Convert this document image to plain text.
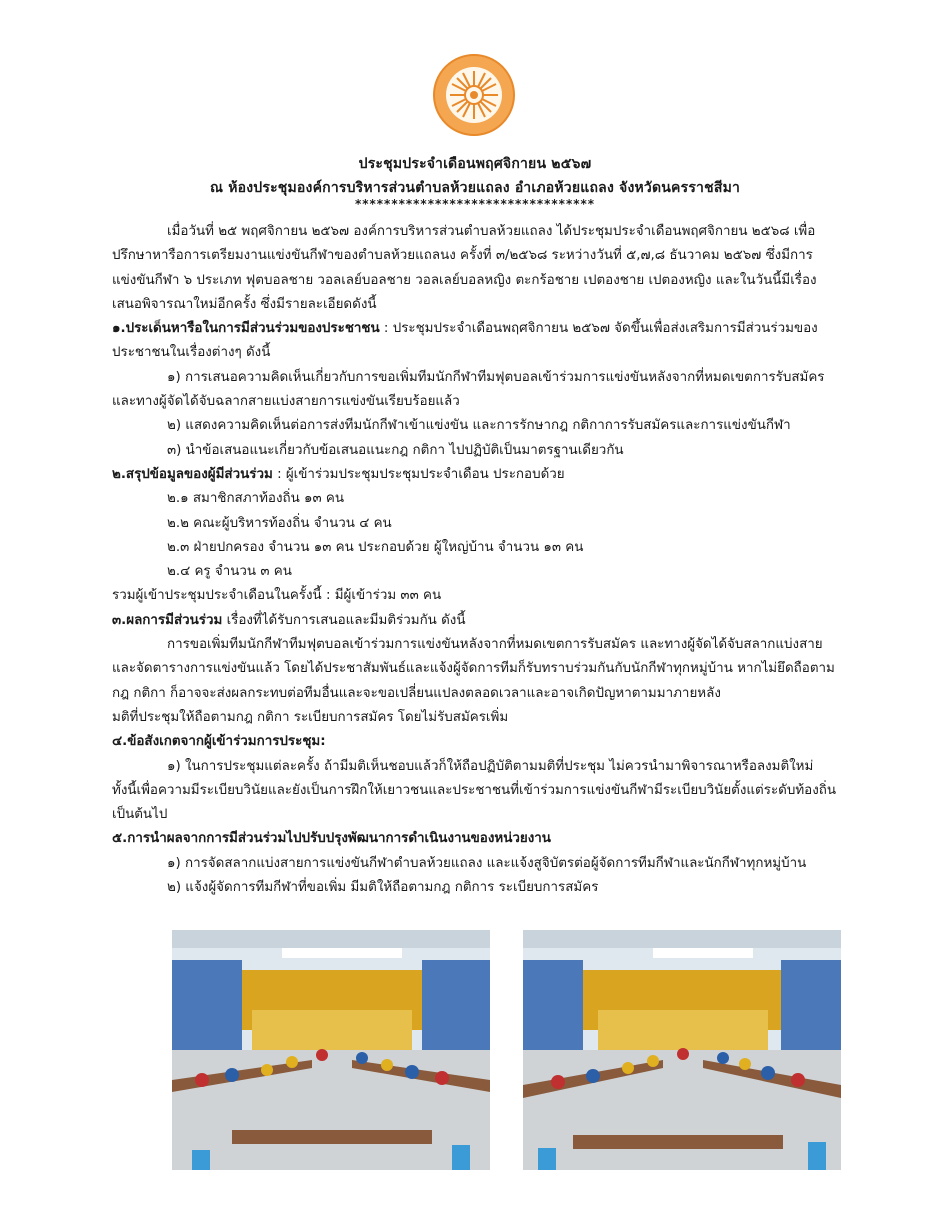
ประชุมประจำเดือนพฤศจิกายน ๒๕๖๗
ณ ห้องประชุมองค์การบริหารส่วนตำบลห้วยแถลง อำเภอห้วยแถลง จังหวัดนครราชสีมา
*********************************

เมื่อวันที่ ๒๕ พฤศจิกายน ๒๕๖๗ องค์การบริหารส่วนตำบลห้วยแถลง ได้ประชุมประจำเดือนพฤศจิกายน ๒๕๖๘ เพื่อปรึกษาหารือการเตรียมงานแข่งขันกีฬาของตำบลห้วยแถลนง ครั้งที่ ๓/๒๕๖๘ ระหว่างวันที่ ๕,๗,๘ ธันวาคม ๒๕๖๗ ซึ่งมีการแข่งขันกีฬา ๖ ประเภท ฟุตบอลชาย วอลเลย์บอลชาย วอลเลย์บอลหญิง ตะกร้อชาย เปตองชาย เปตองหญิง และในวันนี้มีเรื่องเสนอพิจารณาใหม่อีกครั้ง ซึ่งมีรายละเอียดดังนี้

๑.ประเด็นหารือในการมีส่วนร่วมของประชาชน : ประชุมประจำเดือนพฤศจิกายน ๒๕๖๗ จัดขึ้นเพื่อส่งเสริมการมีส่วนร่วมของประชาชนในเรื่องต่างๆ ดังนี้

๑) การเสนอความคิดเห็นเกี่ยวกับการขอเพิ่มทีมนักกีฬาทีมฟุตบอลเข้าร่วมการแข่งขันหลังจากที่หมดเขตการรับสมัคร และทางผู้จัดได้จับฉลากสายแบ่งสายการแข่งขันเรียบร้อยแล้ว

๒) แสดงความคิดเห็นต่อการส่งทีมนักกีฬาเข้าแข่งขัน และการรักษากฎ กติกาการรับสมัครและการแข่งขันกีฬา

๓) นำข้อเสนอแนะเกี่ยวกับข้อเสนอแนะกฎ กติกา ไปปฏิบัติเป็นมาตรฐานเดียวกัน

๒.สรุปข้อมูลของผู้มีส่วนร่วม : ผู้เข้าร่วมประชุมประชุมประจำเดือน ประกอบด้วย

๒.๑ สมาชิกสภาท้องถิ่น ๑๓ คน

๒.๒ คณะผู้บริหารท้องถิ่น จำนวน ๔ คน

๒.๓ ฝ่ายปกครอง จำนวน ๑๓ คน ประกอบด้วย ผู้ใหญ่บ้าน จำนวน ๑๓ คน

๒.๔ ครู จำนวน ๓ คน

รวมผู้เข้าประชุมประจำเดือนในครั้งนี้ : มีผู้เข้าร่วม ๓๓ คน

๓.ผลการมีส่วนร่วม เรื่องที่ได้รับการเสนอและมีมติร่วมกัน ดังนี้

การขอเพิ่มทีมนักกีฬาทีมฟุตบอลเข้าร่วมการแข่งขันหลังจากที่หมดเขตการรับสมัคร และทางผู้จัดได้จับสลากแบ่งสายและจัดตารางการแข่งขันแล้ว โดยได้ประชาสัมพันธ์และแจ้งผู้จัดการทีมก็รับทราบร่วมกันกับนักกีฬาทุกหมู่บ้าน หากไม่ยึดถือตาม กฎ กติกา ก็อาจจะส่งผลกระทบต่อทีมอื่นและจะขอเปลี่ยนแปลงตลอดเวลาและอาจเกิดปัญหาตามมาภายหลัง

มติที่ประชุมให้ถือตามกฎ กติกา ระเบียบการสมัคร โดยไม่รับสมัครเพิ่ม

๔.ข้อสังเกตจากผู้เข้าร่วมการประชุม:

๑) ในการประชุมแต่ละครั้ง ถ้ามีมติเห็นชอบแล้วก็ให้ถือปฏิบัติตามมติที่ประชุม ไม่ควรนำมาพิจารณาหรือลงมติใหม่ ทั้งนี้เพื่อความมีระเบียบวินัยและยังเป็นการฝึกให้เยาวชนและประชาชนที่เข้าร่วมการแข่งขันกีฬามีระเบียบวินัยตั้งแต่ระดับท้องถิ่นเป็นต้นไป

๕.การนำผลจากการมีส่วนร่วมไปปรับปรุงพัฒนาการดำเนินงานของหน่วยงาน

๑) การจัดสลากแบ่งสายการแข่งขันกีฬาตำบลห้วยแถลง และแจ้งสูจิบัตรต่อผู้จัดการทีมกีฬาและนักกีฬาทุกหมู่บ้าน

๒) แจ้งผู้จัดการทีมกีฬาที่ขอเพิ่ม มีมติให้ถือตามกฎ กติการ ระเบียบการสมัคร
